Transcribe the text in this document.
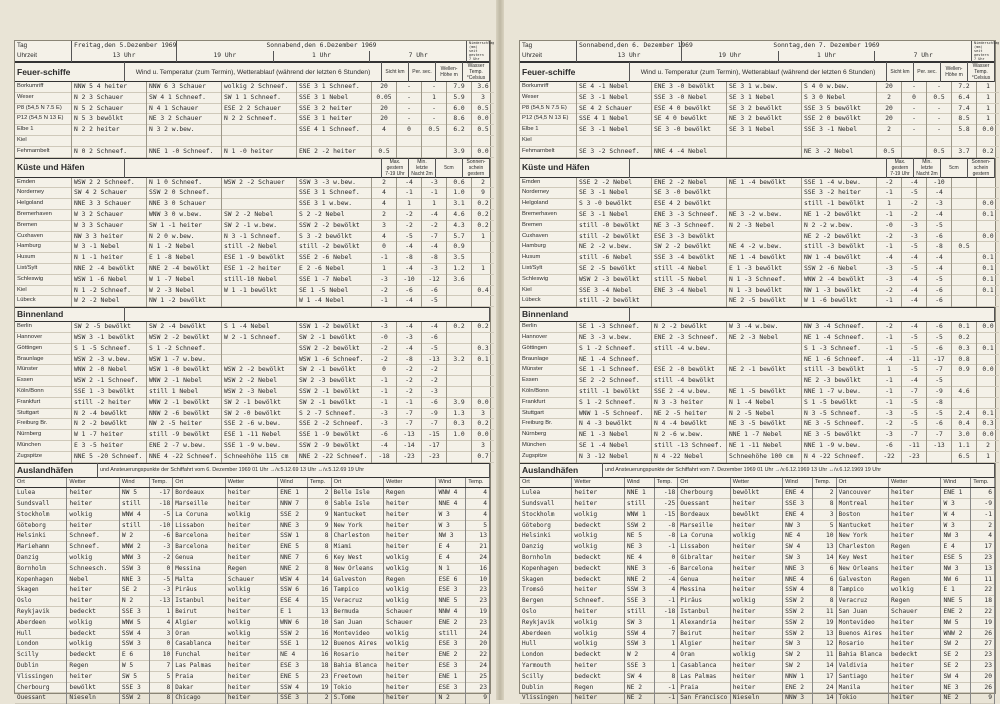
Tag	Freitag,den 5.Dezember 1969	Sonnabend,den 6.Dezember 1969			Niederschlag (mm) seit gestern 7 Uhr
Uhrzeit	13 Uhr	19 Uhr	1 Uhr	7 Uhr	
Feuer-schiffe	Wind u. Temperatur (zum Termin), Wetterablauf (während der letzten 6 Stunden)	Sicht km	Per. sec.	Wellen-Höhe m	Wasser Temp. °Celsius
Borkumriff	NNW 5 4 heiter	NNW 6 3 Schauer	wolkig 2 Schneef.	SSE 3 1 Schneef.	20	-	-	7.9	3.6
Weser	N 2 3 Schauer	SW 4 1 Schneef.	SW 1 1 Schneef.	SSE 3 1 Nebel	0.05	-	1	5.9	3
P8 (54,5 N 7.5 E)	N 5 2 Schauer	N 4 1 Schauer	ESE 2 2 Schauer	SSE 3 2 heiter	20	-	-	6.0	0.5
P12 (54,5 N 13 E)	N 5 3 bewölkt	NE 3 2 Schauer	N 2 2 Schneef.	SSE 3 1 heiter	20	-	-	8.6	0.0
Elbe 1	N 2 2 heiter	N 3 2 w.bew.		SSE 4 1 Schneef.	4	0	0.5	6.2	0.5
Kiel									
Fehmarnbelt	N 0 2 Schneef.	NNE 1 -0 Schneef.	N 1 -0 heiter	ENE 2 -2 heiter	0.5			3.9	0.0
Küste und Häfen		Max. gestern 7-19 Uhr	Min. letzte Nacht 2m	5cm	Sonnen-schein gestern
Emden	WSW 2 2 Schneef.	N 1 0 Schneef.	WSW 2 -2 Schauer	SSW 3 -3 w.bew.	2	-4	-3	0.6	2
Norderney	SW 4 2 Schauer	SSW 2 0 Schneef.		SSE 3 1 Schneef.	4	-1	-1	1.0	9
Helgoland	NNE 3 3 Schauer	NNE 3 0 Schauer		SSE 3 1 w.bew.	4	1	1	3.1	0.2
Bremerhaven	W 3 2 Schauer	WNW 3 0 w.bew.	SW 2 -2 Nebel	S 2 -2 Nebel	2	-2	-4	4.6	0.2
Bremen	W 3 3 Schauer	SW 1 -1 heiter	SW 2 -1 w.bew.	SSW 2 -2 bewölkt	3	-2	-2	4.3	0.2
Cuxhaven	NW 3 3 heiter	N 2 0 w.bew.	N 3 -1 Schneef.	S 3 -2 bewölkt	4	-5	-7	5.7	1
Hamburg	W 3 -1 Nebel	N 1 -2 Nebel	still -2 Nebel	still -2 bewölkt	0	-4	-4	0.9	
Husum	N 1 -1 heiter	E 1 -8 Nebel	ESE 1 -9 bewölkt	SSE 2 -6 Nebel	-1	-8	-8	3.5	
List/Sylt	NNE 2 -4 bewölkt	NNE 2 -4 bewölkt	ESE 1 -2 heiter	E 2 -6 Nebel	1	-4	-3	1.2	1
Schleswig	WSW 1 -6 Nebel	W 1 -7 Nebel	still-10 Nebel	SSE 1 -7 Nebel	-3	-10	-12	3.6	
Kiel	N 1 -2 Schneef.	W 2 -3 Nebel	W 1 -1 bewölkt	SE 1 -5 Nebel	-2	-6	-6		0.4
Lübeck	W 2 -2 Nebel	NW 1 -2 bewölkt		W 1 -4 Nebel	-1	-4	-5		
Binnenland	
Berlin	SW 2 -5 bewölkt	SW 2 -4 bewölkt	S 1 -4 Nebel	SSW 1 -2 bewölkt	-3	-4	-4	0.2	0.2
Hannover	WSW 3 -1 bewölkt	WSW 2 -2 bewölkt	W 2 -1 Schneef.	SW 2 -1 bewölkt	-0	-3	-6		
Göttingen	S 1 -5 Schneef.	S 1 -2 Schneef.		SSW 2 -2 bewölkt	-2	-4	-5		0.3
Braunlage	WSW 2 -3 w.bew.	WSW 1 -7 w.bew.		WSW 1 -6 Schneef.	-2	-8	-13	3.2	0.1
Münster	WNW 2 -0 Nebel	WSW 1 -0 bewölkt	WSW 2 -2 bewölkt	SW 2 -1 bewölkt	0	-2	-2		
Essen	WSW 2 -1 Schneef.	WNW 2 -1 Nebel	WSW 2 -2 Nebel	SW 2 -3 bewölkt	-1	-2	-2		
Köln/Bonn	SSE 1 -3 bewölkt	still 1 Nebel	WSW 2 -3 Nebel	SSW 2 -1 bewölkt	-1	-2	-3		
Frankfurt	still -2 heiter	WNW 2 -1 bewölkt	SW 2 -1 bewölkt	SW 2 -1 bewölkt	-1	-1	-6	3.9	0.0
Stuttgart	N 2 -4 bewölkt	NNW 2 -6 bewölkt	SW 2 -0 bewölkt	S 2 -7 Schneef.	-3	-7	-9	1.3	3
Freiburg Br.	N 2 -2 bewölkt	NW 2 -5 heiter	SSE 2 -6 w.bew.	SSE 2 -2 Schneef.	-3	-7	-7	0.3	0.2
Nürnberg	W 1 -7 heiter	still -9 bewölkt	ESE 1 -11 Nebel	SSE 1 -9 bewölkt	-6	-13	-15	1.0	0.0
München	E 3 -5 heiter	ENE 2 -7 w.bew.	SSE 1 -9 w.bew.	SSW 2 -9 bewölkt	-4	-14	-17		3
Zugspitze	NNE 5 -20 Schneef.	NNE 4 -22 Schneef.	Schneehöhe 115 cm	NNE 2 -22 Schneef.	-18	-23	-23		0.7
Auslandhäfen	und Ansteuerungspunkte der Schiffahrt vom 6. Dezember 1969 01 Uhr →/v.5.12.69 13 Uhr ↔/v.5.12.69 19 Uhr
Ort	Wetter	Wind	Temp.	Ort	Wetter	Wind	Temp.	Ort	Wetter	Wind	Temp.
Lulea	heiter	NW 5	-17	Bordeaux	heiter	ENE 1	2	Belle Isle	Regen	WNW 4	4
Sundsvall	heiter	still	-18	Marseille	heiter	NNW 7	0	Sable Isle	heiter	NNE 4	4
Stockholm	wolkig	WNW 4	-5	La Coruna	wolkig	SSE 2	9	Nantucket	heiter	W 3	4
Göteborg	heiter	still	-10	Lissabon	heiter	NNE 3	9	New York	heiter	W 3	5
Helsinki	Schneef.	W 2	-6	Barcelona	heiter	SSW 1	8	Charleston	heiter	NW 3	13
Mariehamn	Schneef.	WNW 2	-3	Barcelona	heiter	ENE 5	8	Miami	heiter	E 4	21
Danzig	wolkig	WNW 3	-2	Genua	heiter	NNE 7	6	Key West	wolkig	E 4	24
Bornholm	Schneesch.	SSW 3	0	Messina	Regen	NNE 2	8	New Orleans	wolkig	N 1	16
Kopenhagen	Nebel	NNE 3	-5	Malta	Schauer	WSW 4	14	Galveston	Regen	ESE 6	10
Skagen	heiter	SE 2	-3	Piräus	wolkig	SSW 6	16	Tampico	wolkig	ESE 3	23
Oslo	heiter	N 2	-13	Istanbul	heiter	ESE 4	15	Veracruz	wolkig	NNE 5	23
Reykjavik	bedeckt	SSE 3	1	Beirut	heiter	E 1	13	Bermuda	Schauer	NNW 4	19
Aberdeen	wolkig	WNW 5	4	Algier	wolkig	WNW 6	10	San Juan	Schauer	ENE 2	23
Hull	bedeckt	SSW 4	3	Oran	wolkig	SSW 2	16	Montevideo	wolkig	still	24
London	wolkig	SSW 3	0	Casablanca	heiter	SSE 1	12	Buenos Aires	wolkig	ESE 3	20
Scilly	bedeckt	E 6	10	Funchal	heiter	NE 4	16	Rosario	heiter	ENE 2	22
Dublin	Regen	W 5	7	Las Palmas	heiter	ESE 3	18	Bahia Blanca	heiter	ESE 3	24
Vlissingen	heiter	SW 5	5	Praia	heiter	ENE 5	23	Freetown	heiter	ENE 1	25
Cherbourg	bewölkt	SSE 3	8	Dakar	heiter	SSW 4	19	Tokio	heiter	ESE 3	23
Ouessant	Nieseln	SSW 2	8	Chicago	heiter	SSE 3	2	S.Tome	heiter	N 2	9
Tag	Sonnabend,den 6. Dezember 1969	Sonntag,den 7. Dezember 1969			Niederschlag (mm) seit gestern 7 Uhr
Uhrzeit	13 Uhr	19 Uhr	1 Uhr	7 Uhr	
Feuer-schiffe	Wind u. Temperatur (zum Termin), Wetterablauf (während der letzten 6 Stunden)	Sicht km	Per. sec.	Wellen-Höhe m	Wasser Temp. °Celsius
Borkumriff	SE 4 -1 Nebel	ENE 3 -0 bewölkt	SE 3 1 w.bew.	S 4 0 w.bew.	20	-	-	7.2	1
Weser	SE 3 -1 Nebel	SSE 3 -0 Nebel	SE 3 1 Nebel	S 3 0 Nebel	2	0	0.5	6.4	1
P8 (54,5 N 7.5 E)	SE 4 2 Schauer	ESE 4 0 bewölkt	SE 3 2 bewölkt	SSE 3 5 bewölkt	20	-	-	7.4	1
P12 (54,5 N 13 E)	SSE 4 1 Nebel	SE 4 0 bewölkt	NE 3 2 bewölkt	SSE 2 0 bewölkt	20	-	-	8.5	1
Elbe 1	SE 3 -1 Nebel	SE 3 -0 bewölkt	SE 3 1 Nebel	SSE 3 -1 Nebel	2	-	-	5.8	0.0
Kiel									
Fehmarnbelt	SE 3 -2 Schneef.	NNE 4 -4 Nebel		NE 3 -2 Nebel	0.5		0.5	3.7	0.2
Küste und Häfen		Max. gestern 7-19 Uhr	Min. letzte Nacht 2m	5cm	Sonnen-schein gestern
Emden	SSE 2 -2 Nebel	ENE 2 -2 Nebel	NE 1 -4 bewölkt	SSE 1 -4 w.bew.	-2	-4	-10		
Norderney	SE 3 -1 Nebel	SE 3 -0 bewölkt		SSE 3 -2 heiter	-1	-5	-4		
Helgoland	S 3 -0 bewölkt	ESE 4 2 bewölkt		still -1 bewölkt	1	-2	-3		0.0
Bremerhaven	SE 3 -1 Nebel	ENE 3 -3 Schneef.	NE 3 -2 w.bew.	NE 1 -2 bewölkt	-1	-2	-4		0.1
Bremen	still -0 bewölkt	NE 3 -3 Schneef.	N 2 -3 Nebel	N 2 -2 w.bew.	-0	-3	-5		
Cuxhaven	still -2 bewölkt	ESE 3 -3 bewölkt		NE 2 -2 bewölkt	-2	-3	-6		0.0
Hamburg	NE 2 -2 w.bew.	SW 2 -2 bewölkt	NE 4 -2 w.bew.	still -3 bewölkt	-1	-5	-8	0.5	
Husum	still -6 Nebel	SSE 3 -4 bewölkt	NE 1 -4 bewölkt	NW 1 -4 bewölkt	-4	-4	-4		0.1
List/Sylt	SE 2 -5 bewölkt	still -4 Nebel	E 1 -3 bewölkt	SSW 2 -6 Nebel	-3	-5	-4		0.1
Schleswig	WSW 2 -3 bewölkt	still -5 Nebel	N 1 -3 Schneef.	WNW 2 -4 bewölkt	-3	-4	-5		0.1
Kiel	SSE 3 -4 Nebel	ENE 3 -4 Nebel	N 1 -3 bewölkt	NW 1 -3 bewölkt	-2	-4	-6		0.1
Lübeck	still -2 bewölkt		NE 2 -5 bewölkt	W 1 -6 bewölkt	-1	-4	-6		
Binnenland	
Berlin	SE 1 -3 Schneef.	N 2 -2 bewölkt	W 3 -4 w.bew.	NW 3 -4 Schneef.	-2	-4	-6	0.1	0.0
Hannover	NE 3 -3 w.bew.	ENE 2 -3 Schneef.	NE 2 -3 Nebel	NE 1 -4 Schneef.	-1	-5	-5	0.2	
Göttingen	S 1 -2 Schneef.	still -4 w.bew.		S 1 -3 Schneef.	-1	-5	-6	0.3	0.1
Braunlage	NE 1 -4 Schneef.			NE 1 -6 Schneef.	-4	-11	-17	0.8	
Münster	SE 1 -1 Schneef.	ESE 2 -0 bewölkt	NE 2 -1 bewölkt	still -3 bewölkt	1	-5	-7	0.9	0.0
Essen	SE 2 -2 Schneef.	still -4 bewölkt		NE 2 -3 bewölkt	-1	-4	-5		
Köln/Bonn	still -1 bewölkt	SSE 2 -4 w.bew.	NE 1 -5 bewölkt	NNE 1 -7 w.bew.	-1	-7	-9	4.6	
Frankfurt	S 1 -2 Schneef.	N 3 -3 heiter	N 1 -4 Nebel	S 1 -5 bewölkt	-1	-5	-8		
Stuttgart	WNW 1 -5 Schneef.	NE 2 -5 heiter	N 2 -5 Nebel	N 3 -5 Schneef.	-3	-5	-5	2.4	0.1
Freiburg Br.	N 4 -3 bewölkt	N 4 -4 bewölkt	NE 3 -5 bewölkt	NE 3 -5 Schneef.	-2	-5	-6	0.4	0.3
Nürnberg	NE 1 -3 Nebel	N 2 -6 w.bew.	NNE 1 -7 Nebel	NE 3 -5 bewölkt	-3	-7	-7	3.0	0.0
München	SE 1 -4 Nebel	still -13 Schneef.	NE 1 -11 Nebel	NNE 1 -9 w.bew.	-6	-11	-13	1.1	2
Zugspitze	N 3 -12 Nebel	N 4 -22 Nebel	Schneehöhe 100 cm	N 4 -22 Schneef.	-22	-23		6.5	1
Auslandhäfen	und Ansteuerungspunkte der Schiffahrt vom 7. Dezember 1969 01 Uhr →/v.6.12.1969 13 Uhr ↔/v.6.12.1969 19 Uhr
Ort	Wetter	Wind	Temp.	Ort	Wetter	Wind	Temp.	Ort	Wetter	Wind	Temp.
Lulea	heiter	NNE 1	-18	Cherbourg	bewölkt	ENE 4	2	Vancouver	heiter	ENE 1	6
Sundsvall	heiter	still	-25	Ouessant	heiter	SSE 3	8	Montreal	heiter	W 3	-9
Stockholm	wolkig	WNW 1	-15	Bordeaux	bewölkt	ENE 4	3	Boston	heiter	W 4	-1
Göteborg	bedeckt	SSW 2	-8	Marseille	heiter	NW 3	5	Nantucket	heiter	W 3	2
Helsinki	wolkig	NE 5	-8	La Coruna	wolkig	NE 4	10	New York	heiter	NW 3	4
Danzig	wolkig	NE 3	-1	Lissabon	heiter	SW 4	13	Charleston	Regen	E 4	17
Bornholm	bedeckt	NE 4	0	Gibraltar	heiter	SW 3	14	Key West	heiter	ESE 5	23
Kopenhagen	bedeckt	NNE 3	-6	Barcelona	heiter	NNE 3	6	New Orleans	heiter	NW 3	13
Skagen	bedeckt	NNE 2	-4	Genua	heiter	NNE 4	6	Galveston	Regen	NW 6	11
Tromsö	heiter	SSW 3	4	Messina	heiter	SSW 4	8	Tampico	wolkig	E 1	22
Bergen	Schneef.	SSE 3	-1	Piräus	wolkig	SSW 2	8	Veracruz	Regen	NNE 5	18
Oslo	heiter	still	-18	Istanbul	heiter	SSW 2	11	San Juan	Schauer	ENE 2	22
Reykjavik	wolkig	SW 3	1	Alexandria	heiter	SSW 2	19	Montevideo	heiter	NW 5	19
Aberdeen	wolkig	SSW 4	7	Beirut	heiter	SSW 2	13	Buenos Aires	heiter	WNW 2	26
Hull	wolkig	SSW 3	1	Algier	heiter	SW 3	12	Rosario	heiter	SW 2	27
London	bedeckt	W 2	4	Oran	wolkig	SW 2	11	Bahia Blanca	bedeckt	SE 2	23
Yarmouth	heiter	SSE 3	1	Casablanca	heiter	SW 2	14	Valdivia	heiter	SE 2	23
Scilly	bedeckt	SW 4	8	Las Palmas	heiter	NNW 1	17	Santiago	heiter	SW 4	20
Dublin	Regen	NE 2	-1	Praia	heiter	ENE 2	24	Manila	heiter	NE 3	26
Vlissingen	heiter	NE 2	-1	San Francisco	Nieseln	NNW 3	14	Tokio	heiter	NE 2	9
